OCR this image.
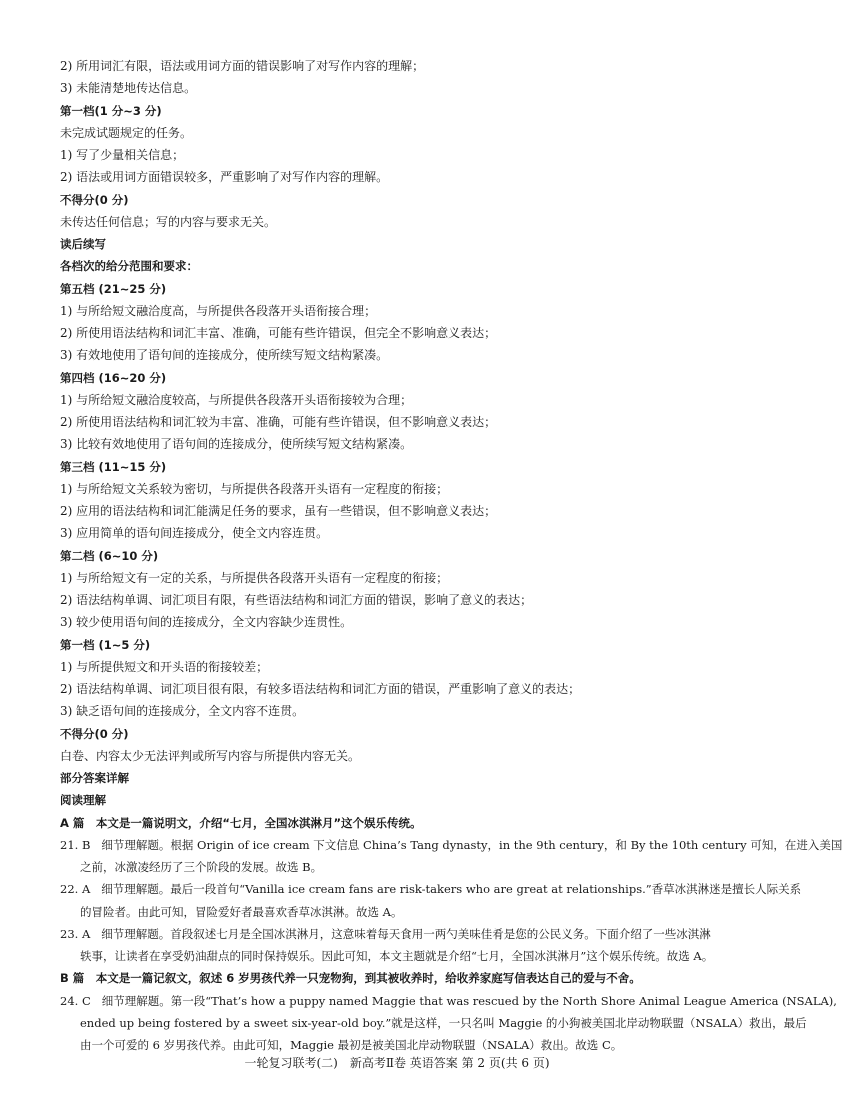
2) 所用词汇有限，语法或用词方面的错误影响了对写作内容的理解；
3) 未能清楚地传达信息。
第一档(1 分~3 分)
未完成试题规定的任务。
1) 写了少量相关信息；
2) 语法或用词方面错误较多，严重影响了对写作内容的理解。
不得分(0 分)
未传达任何信息；写的内容与要求无关。
读后续写
各档次的给分范围和要求：
第五档 (21~25 分)
1) 与所给短文融洽度高，与所提供各段落开头语衔接合理；
2) 所使用语法结构和词汇丰富、准确，可能有些许错误，但完全不影响意义表达；
3) 有效地使用了语句间的连接成分，使所续写短文结构紧凑。
第四档 (16~20 分)
1) 与所给短文融洽度较高，与所提供各段落开头语衔接较为合理；
2) 所使用语法结构和词汇较为丰富、准确，可能有些许错误，但不影响意义表达；
3) 比较有效地使用了语句间的连接成分，使所续写短文结构紧凑。
第三档 (11~15 分)
1) 与所给短文关系较为密切，与所提供各段落开头语有一定程度的衔接；
2) 应用的语法结构和词汇能满足任务的要求，虽有一些错误，但不影响意义表达；
3) 应用简单的语句间连接成分，使全文内容连贯。
第二档 (6~10 分)
1) 与所给短文有一定的关系，与所提供各段落开头语有一定程度的衔接；
2) 语法结构单调、词汇项目有限，有些语法结构和词汇方面的错误，影响了意义的表达；
3) 较少使用语句间的连接成分，全文内容缺少连贯性。
第一档 (1~5 分)
1) 与所提供短文和开头语的衔接较差；
2) 语法结构单调、词汇项目很有限，有较多语法结构和词汇方面的错误，严重影响了意义的表达；
3) 缺乏语句间的连接成分，全文内容不连贯。
不得分(0 分)
白卷、内容太少无法评判或所写内容与所提供内容无关。
部分答案详解
阅读理解
A 篇　本文是一篇说明文，介绍“七月，全国冰淇淋月”这个娱乐传统。
21. B 细节理解题。根据 Origin of ice cream 下文信息 China’s Tang dynasty，in the 9th century，和 By the 10th century 可知，在进入美国
之前，冰激凌经历了三个阶段的发展。故选 B。
22. A 细节理解题。最后一段首句“Vanilla ice cream fans are risk-takers who are great at relationships.”香草冰淇淋迷是擅长人际关系
的冒险者。由此可知，冒险爱好者最喜欢香草冰淇淋。故选 A。
23. A 细节理解题。首段叙述七月是全国冰淇淋月，这意味着每天食用一两勺美味佳肴是您的公民义务。下面介绍了一些冰淇淋
轶事，让读者在享受奶油甜点的同时保持娱乐。因此可知，本文主题就是介绍“七月，全国冰淇淋月”这个娱乐传统。故选 A。
B 篇　本文是一篇记叙文，叙述 6 岁男孩代养一只宠物狗，到其被收养时，给收养家庭写信表达自己的爱与不舍。
24. C 细节理解题。第一段“That’s how a puppy named Maggie that was rescued by the North Shore Animal League America (NSALA),
ended up being fostered by a sweet six-year-old boy.”就是这样，一只名叫 Maggie 的小狗被美国北岸动物联盟（NSALA）救出，最后
由一个可爱的 6 岁男孩代养。由此可知，Maggie 最初是被美国北岸动物联盟（NSALA）救出。故选 C。
一轮复习联考(二)　新高考Ⅱ卷 英语答案 第 2 页(共 6 页)
